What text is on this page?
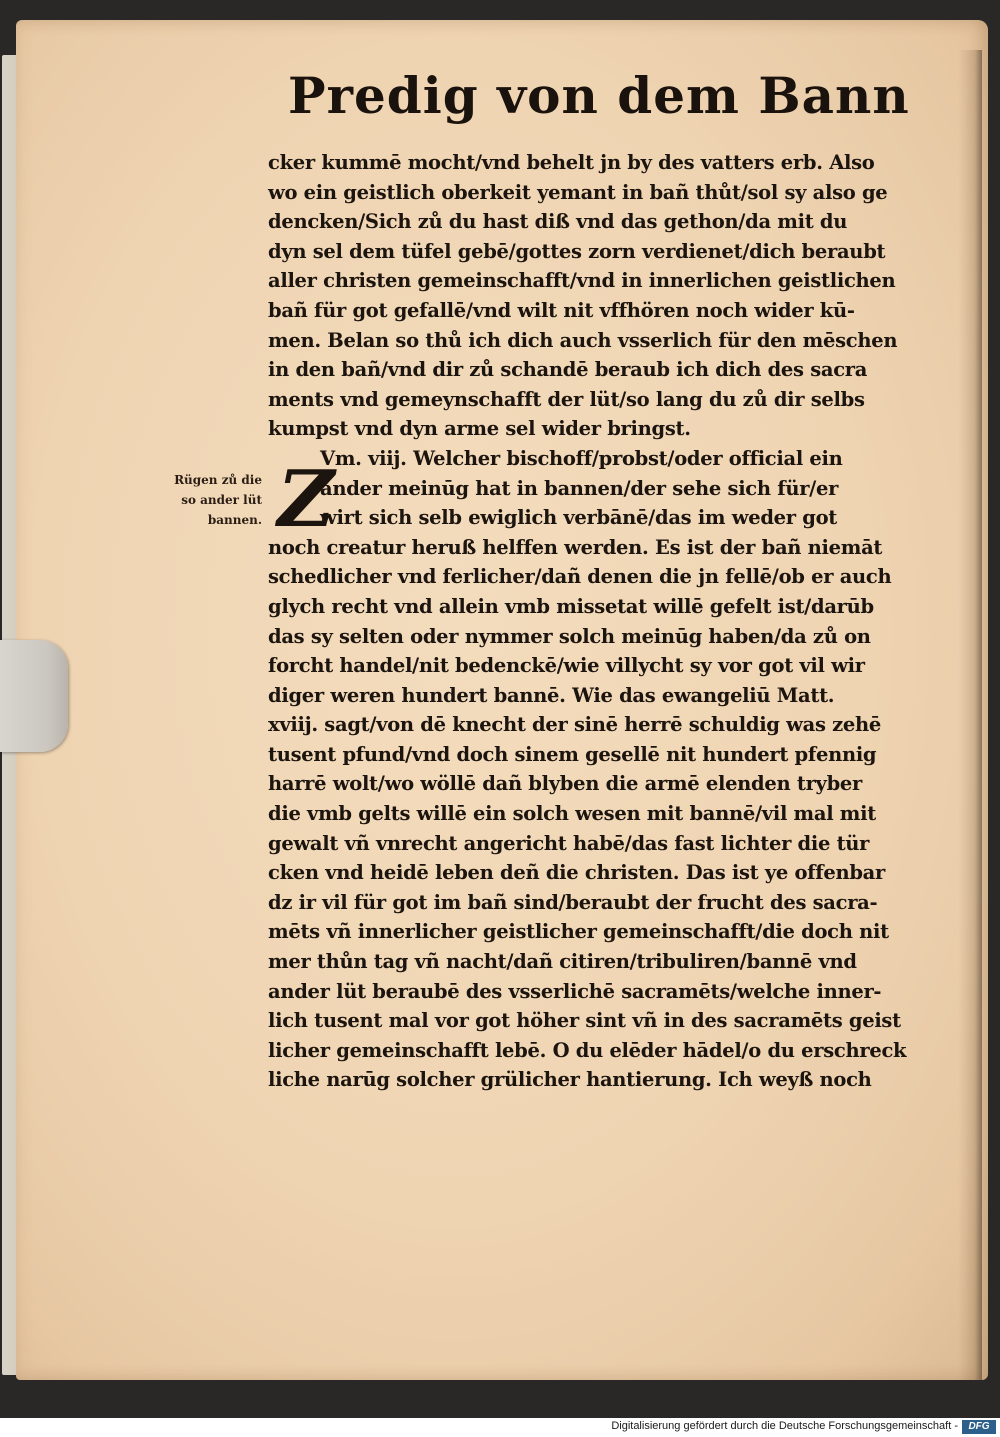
Predig von dem Bann
Rügen zů die
so ander lüt
bannen. Z
cker kummē mocht/vnd behelt jn by des vatters erb. Also
wo ein geistlich oberkeit yemant in bañ thůt/sol sy also ge
dencken/Sich zů du hast diß vnd das gethon/da mit du
dyn sel dem tüfel gebē/gottes zorn verdienet/dich beraubt
aller christen gemeinschafft/vnd in innerlichen geistlichen
bañ für got gefallē/vnd wilt nit vffhören noch wider kū-
men. Belan so thů ich dich auch vsserlich für den mēschen
in den bañ/vnd dir zů schandē beraub ich dich des sacra
ments vnd gemeynschafft der lüt/so lang du zů dir selbs
kumpst vnd dyn arme sel wider bringst.
Vm. viij. Welcher bischoff/probst/oder official ein
ander meinūg hat in bannen/der sehe sich für/er
wirt sich selb ewiglich verbānē/das im weder got
noch creatur heruß helffen werden. Es ist der bañ niemāt
schedlicher vnd ferlicher/dañ denen die jn fellē/ob er auch
glych recht vnd allein vmb missetat willē gefelt ist/darūb
das sy selten oder nymmer solch meinūg haben/da zů on
forcht handel/nit bedenckē/wie villycht sy vor got vil wir
diger weren hundert bannē. Wie das ewangeliū Matt.
xviij. sagt/von dē knecht der sinē herrē schuldig was zehē
tusent pfund/vnd doch sinem gesellē nit hundert pfennig
harrē wolt/wo wöllē dañ blyben die armē elenden tryber
die vmb gelts willē ein solch wesen mit bannē/vil mal mit
gewalt vñ vnrecht angericht habē/das fast lichter die tür
cken vnd heidē leben deñ die christen. Das ist ye offenbar
dz ir vil für got im bañ sind/beraubt der frucht des sacra-
mēts vñ innerlicher geistlicher gemeinschafft/die doch nit
mer thůn tag vñ nacht/dañ citiren/tribuliren/bannē vnd
ander lüt beraubē des vsserlichē sacramēts/welche inner-
lich tusent mal vor got höher sint vñ in des sacramēts geist
licher gemeinschafft lebē. O du elēder hādel/o du erschreck
liche narūg solcher grülicher hantierung. Ich weyß noch
Digitalisierung gefördert durch die Deutsche Forschungsgemeinschaft -	DFG
